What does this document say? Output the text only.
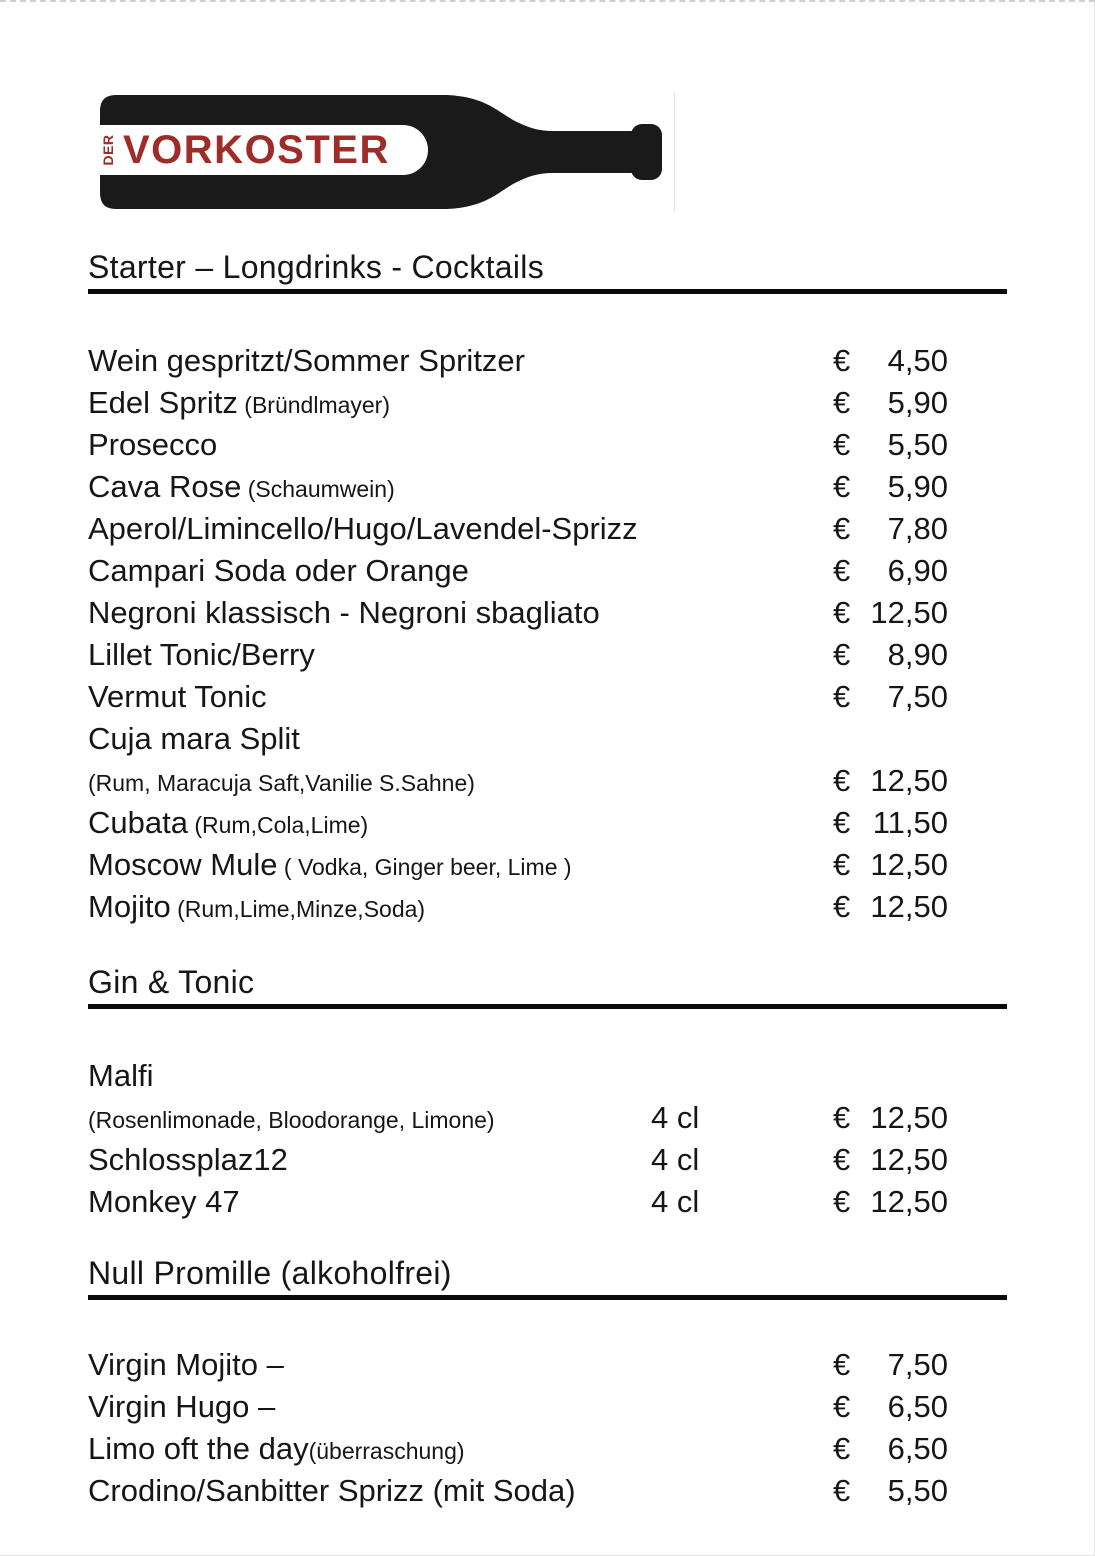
DER VORKOSTER
Starter – Longdrinks - Cocktails
Wein gespritzt/Sommer Spritzer	€ 4,50
Edel Spritz (Bründlmayer)	€ 5,90
Prosecco	€ 5,50
Cava Rose (Schaumwein)	€ 5,90
Aperol/Limincello/Hugo/Lavendel-Sprizz	€ 7,80
Campari Soda oder Orange	€ 6,90
Negroni klassisch - Negroni sbagliato	€ 12,50
Lillet Tonic/Berry	€ 8,90
Vermut Tonic	€ 7,50
Cuja mara Split
(Rum, Maracuja Saft,Vanilie S.Sahne)	€ 12,50
Cubata (Rum,Cola,Lime)	€ 11,50
Moscow Mule ( Vodka, Ginger beer, Lime )	€ 12,50
Mojito (Rum,Lime,Minze,Soda)	€ 12,50
Gin & Tonic
Malfi
(Rosenlimonade, Bloodorange, Limone)	4 cl	€ 12,50
Schlossplaz12	4 cl	€ 12,50
Monkey 47	4 cl	€ 12,50
Null Promille (alkoholfrei)
Virgin Mojito –	€ 7,50
Virgin Hugo –	€ 6,50
Limo oft the day(überraschung)	€ 6,50
Crodino/Sanbitter Sprizz (mit Soda)	€ 5,50
